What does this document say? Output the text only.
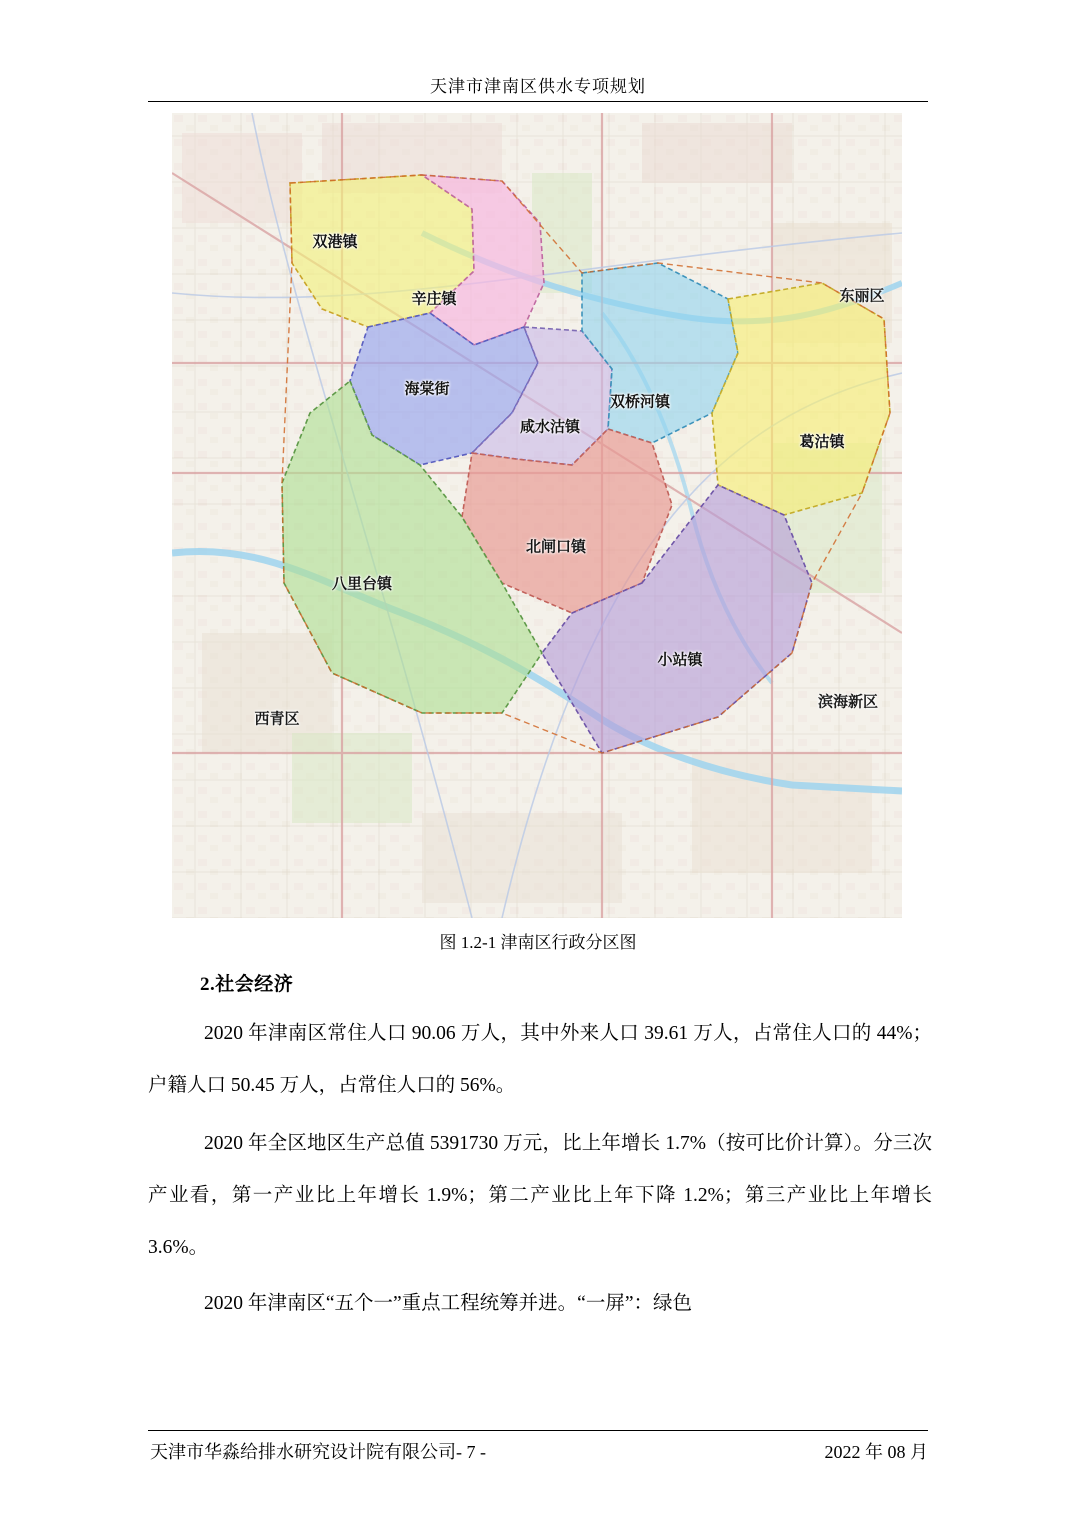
天津市津南区供水专项规划
双港镇
辛庄镇
海棠街
咸水沽镇
双桥河镇
葛沽镇
北闸口镇
八里台镇
小站镇
东丽区
滨海新区
西青区
图 1.2-1 津南区行政分区图
2.社会经济
2020 年津南区常住人口 90.06 万人，其中外来人口 39.61 万人，占常住人口的 44%；户籍人口 50.45 万人，占常住人口的 56%。
2020 年全区地区生产总值 5391730 万元，比上年增长 1.7%（按可比价计算）。分三次产业看，第一产业比上年增长 1.9%；第二产业比上年下降 1.2%；第三产业比上年增长 3.6%。
2020 年津南区“五个一”重点工程统筹并进。“一屏”：绿色
天津市华淼给排水研究设计院有限公司- 7 -	2022 年 08 月
